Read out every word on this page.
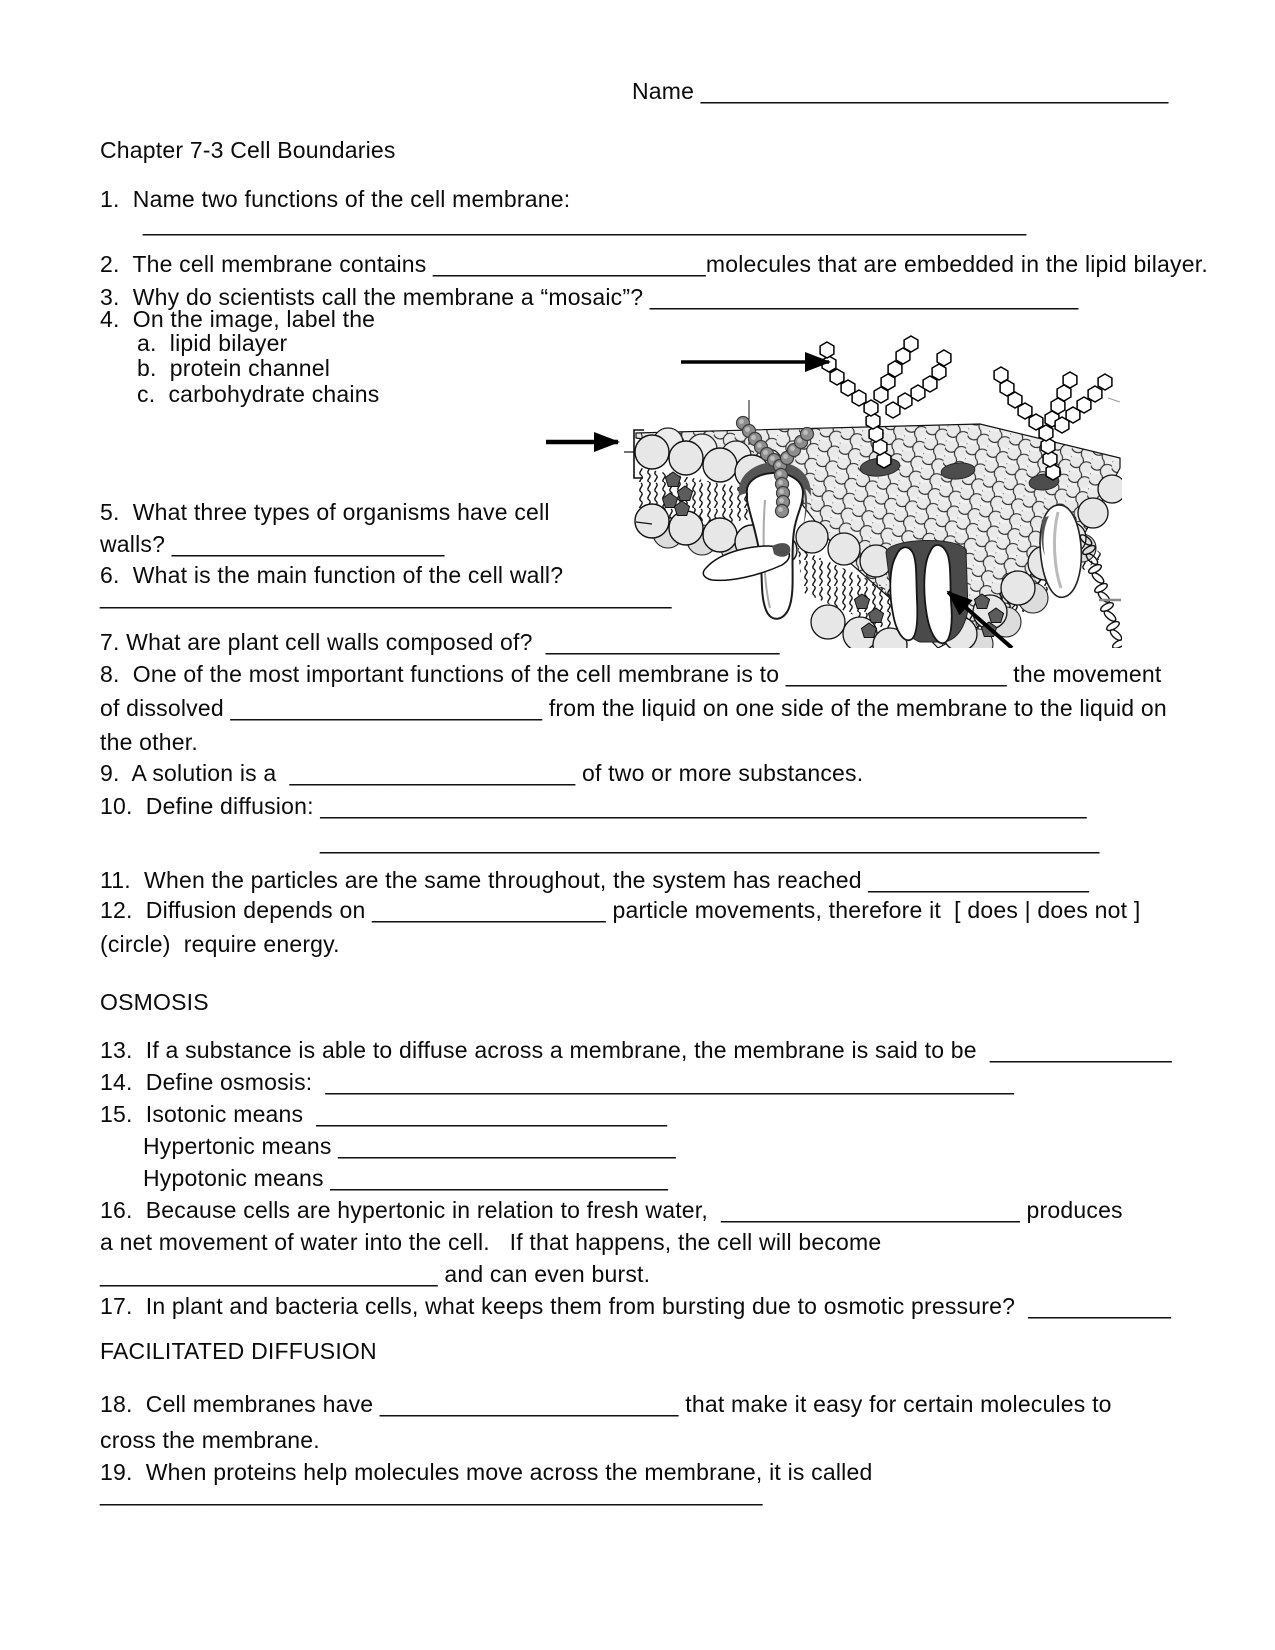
Name ____________________________________
Chapter 7-3 Cell Boundaries
1.  Name two functions of the cell membrane:
____________________________________________________________________
2.  The cell membrane contains _____________________molecules that are embedded in the lipid bilayer.
3.  Why do scientists call the membrane a “mosaic”? _________________________________
4.  On the image, label the
a.  lipid bilayer
b.  protein channel
c.  carbohydrate chains
5.  What three types of organisms have cell
walls? _____________________
6.  What is the main function of the cell wall?
____________________________________________
7. What are plant cell walls composed of?  __________________
8.  One of the most important functions of the cell membrane is to _________________ the movement
of dissolved ________________________ from the liquid on one side of the membrane to the liquid on
the other.
9.  A solution is a  ______________________ of two or more substances.
10.  Define diffusion: ___________________________________________________________
____________________________________________________________
11.  When the particles are the same throughout, the system has reached _________________
12.  Diffusion depends on __________________ particle movements, therefore it  [ does | does not ]
(circle)  require energy.
OSMOSIS
13.  If a substance is able to diffuse across a membrane, the membrane is said to be  ______________
14.  Define osmosis:  _____________________________________________________
15.  Isotonic means  ___________________________
Hypertonic means __________________________
Hypotonic means __________________________
16.  Because cells are hypertonic in relation to fresh water,  _______________________ produces
a net movement of water into the cell.   If that happens, the cell will become
__________________________ and can even burst.
17.  In plant and bacteria cells, what keeps them from bursting due to osmotic pressure?  ___________
FACILITATED DIFFUSION
18.  Cell membranes have _______________________ that make it easy for certain molecules to
cross the membrane.
19.  When proteins help molecules move across the membrane, it is called
___________________________________________________
